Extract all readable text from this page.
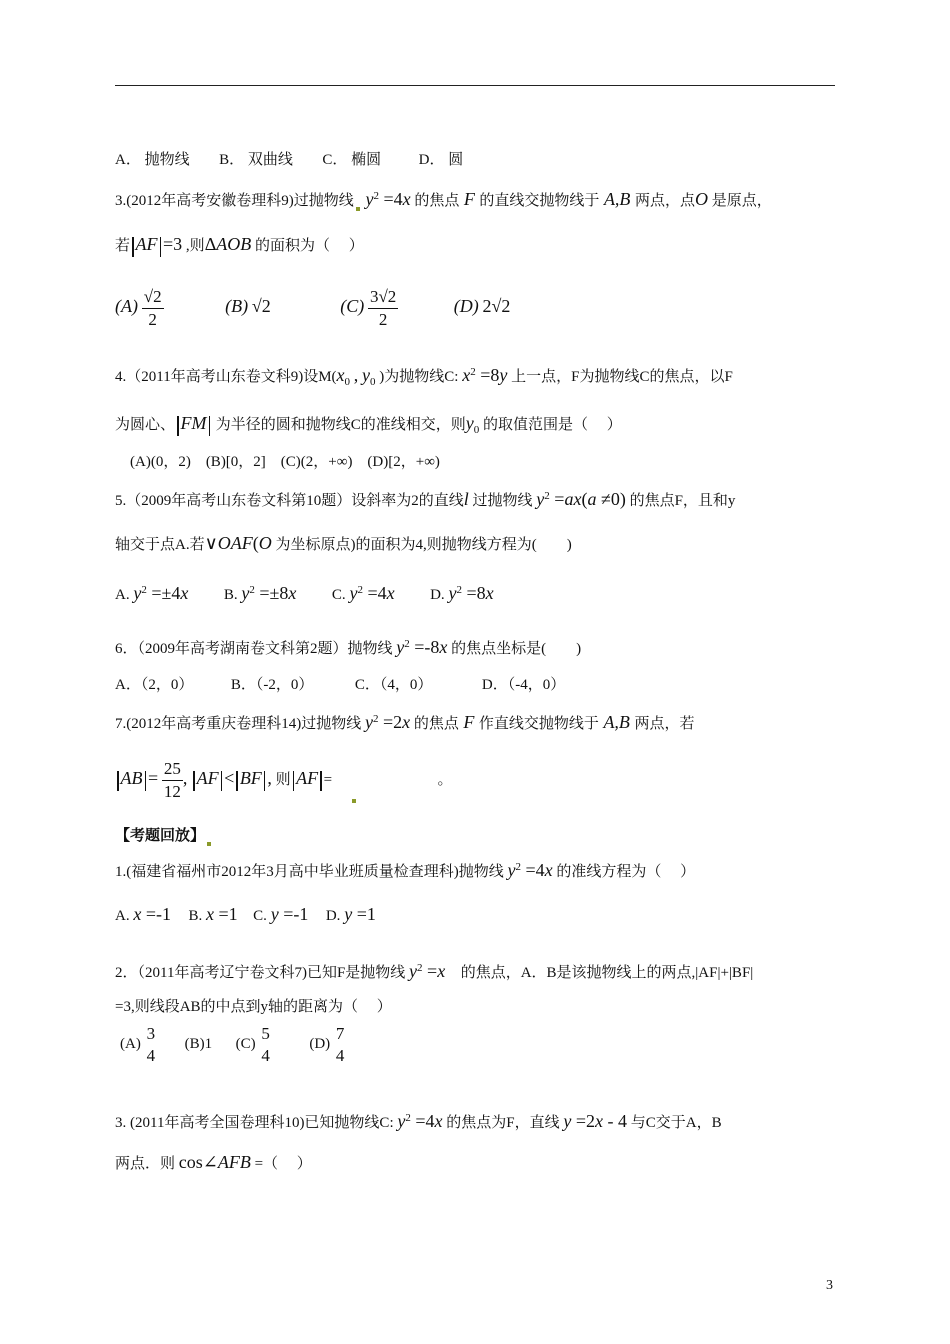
A． 抛物线 B． 双曲线 C． 椭圆	D． 圆
3.(2012年高考安徽卷理科9)过抛物线 $y^2 =4x$ 的焦点 F 的直线交抛物线于 A,B 两点，点O 是原点，
若 AF =3 ,则ΔAOB 的面积为（　 ）
$(A) \frac{√2}{2}$	(B) √2	$(C) \frac{3√2}{2}$	(D) 2√2
4.（2011年高考山东卷文科9)设$M(x_0$ , $y_0$ )为抛物线C: $x^2 =8y$ 上一点，F为抛物线C的焦点，以F
为圆心、 FM 为半径的圆和抛物线C的准线相交，则$y_0$ 的取值范围是（　 ）
(A)(0，2)　(B)[0，2]　(C)(2，+∞)　(D)[2，+∞)
5.（2009年高考山东卷文科第10题）设斜率为2的直线l 过抛物线 $y^2 =ax(a \ne 0)$ 的焦点F，且和y
轴交于点A.若∨OAF(O 为坐标原点)的面积为4,则抛物线方程为(　　)
A. $y^2 =\pm 4x$ B. $y^2 =\pm 8x$ C. $y^2 =4x$ D. $y^2 =8x$
6．（2009年高考湖南卷文科第2题）抛物线 $y^2 =-8x$ 的焦点坐标是(　　)
A．（2，0）	B．（-2，0）	C．（4，0）	D．（-4，0）
7.(2012年高考重庆卷理科14)过抛物线 $y^2 =2x$ 的焦点 F 作直线交抛物线于 A,B 两点，若
AB = $\frac{25}{12}$ , AF < BF , 则 AF =	。
【考题回放】
1.(福建省福州市2012年3月高中毕业班质量检查理科)抛物线 $y^2 =4x$ 的准线方程为（　 ）
A. x =-1 B. x =1 C. y =-1 D. y =1
2．（2011年高考辽宁卷文科7)已知F是抛物线 $y^2 =x$ 的焦点，A．B是该抛物线上的两点,|AF|+|BF|
=3,则线段AB的中点到y轴的距离为（　 ）
(A)
3
4
(B)1 (C)
5
4
(D)
7
4
3. (2011年高考全国卷理科10)已知抛物线C: $y^2 =4x$ 的焦点为F，直线 y =2x - 4 与C交于A，B
两点．则 cos∠AFB =（　 ）
3
